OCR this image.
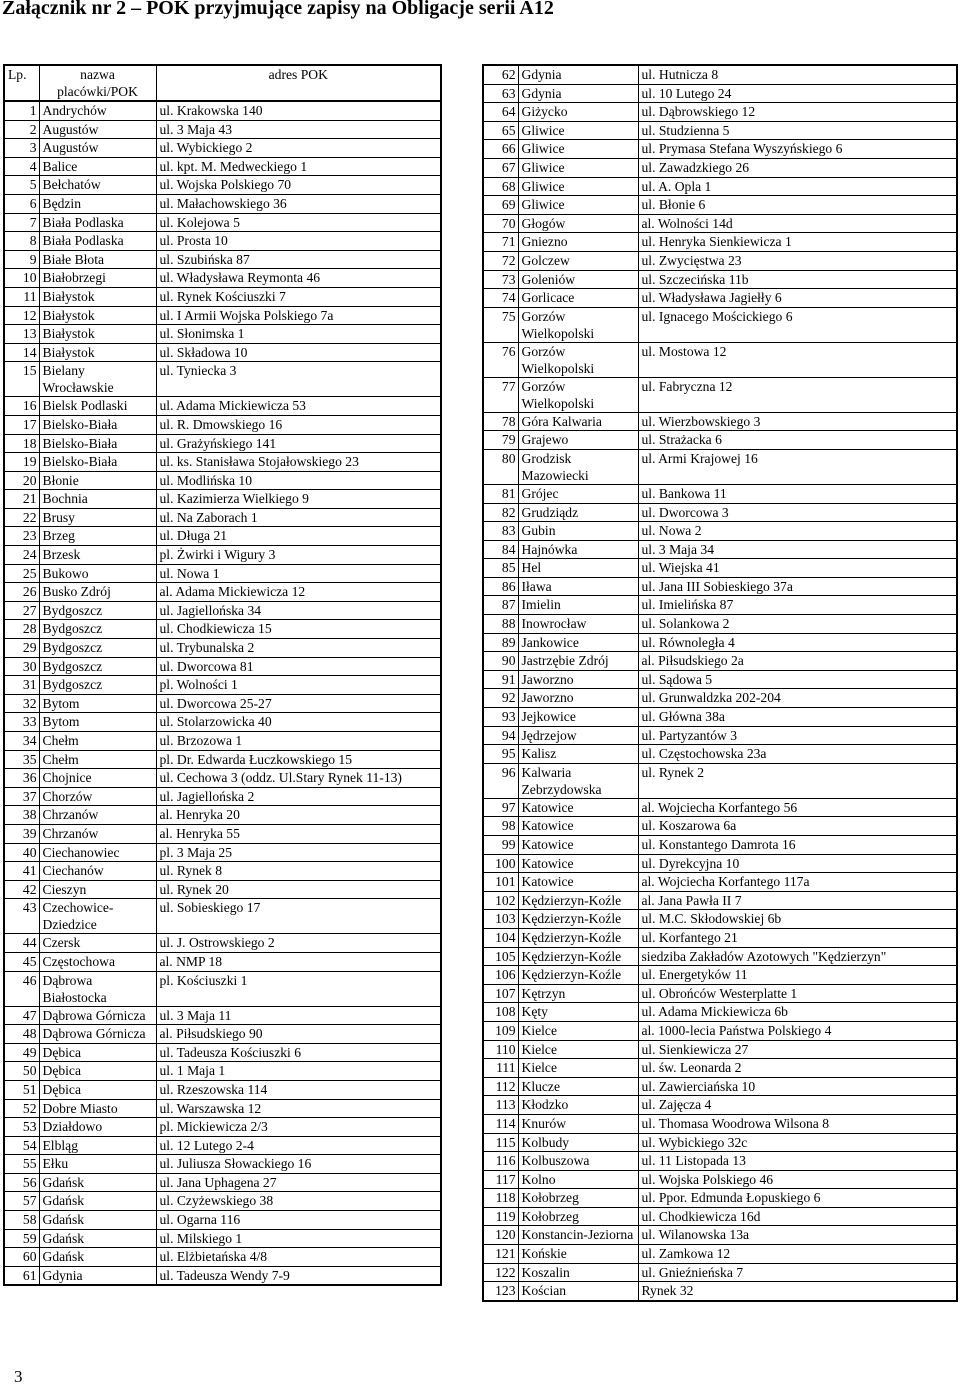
Załącznik nr 2 – POK przyjmujące zapisy na Obligacje serii A12
Lp.	nazwa placówki/POK	adres POK
1	Andrychów	ul. Krakowska 140
2	Augustów	ul. 3 Maja 43
3	Augustów	ul. Wybickiego 2
4	Balice	ul. kpt. M. Medweckiego 1
5	Bełchatów	ul. Wojska Polskiego 70
6	Będzin	ul. Małachowskiego 36
7	Biała Podlaska	ul. Kolejowa 5
8	Biała Podlaska	ul. Prosta 10
9	Białe Błota	ul. Szubińska 87
10	Białobrzegi	ul. Władysława Reymonta 46
11	Białystok	ul. Rynek Kościuszki 7
12	Białystok	ul. I Armii Wojska Polskiego 7a
13	Białystok	ul. Słonimska 1
14	Białystok	ul. Składowa 10
15	Bielany Wrocławskie	ul. Tyniecka 3
16	Bielsk Podlaski	ul. Adama Mickiewicza 53
17	Bielsko-Biała	ul. R. Dmowskiego 16
18	Bielsko-Biała	ul. Grażyńskiego 141
19	Bielsko-Biała	ul. ks. Stanisława Stojałowskiego 23
20	Błonie	ul. Modlińska 10
21	Bochnia	ul. Kazimierza Wielkiego 9
22	Brusy	ul. Na Zaborach 1
23	Brzeg	ul. Długa 21
24	Brzesk	pl. Żwirki i Wigury 3
25	Bukowo	ul. Nowa 1
26	Busko Zdrój	al. Adama Mickiewicza 12
27	Bydgoszcz	ul. Jagiellońska 34
28	Bydgoszcz	ul. Chodkiewicza 15
29	Bydgoszcz	ul. Trybunalska 2
30	Bydgoszcz	ul. Dworcowa 81
31	Bydgoszcz	pl. Wolności 1
32	Bytom	ul. Dworcowa 25-27
33	Bytom	ul. Stolarzowicka 40
34	Chełm	ul. Brzozowa 1
35	Chełm	pl. Dr. Edwarda Łuczkowskiego 15
36	Chojnice	ul. Cechowa 3 (oddz. Ul.Stary Rynek 11-13)
37	Chorzów	ul. Jagiellońska 2
38	Chrzanów	al. Henryka 20
39	Chrzanów	al. Henryka 55
40	Ciechanowiec	pl. 3 Maja 25
41	Ciechanów	ul. Rynek 8
42	Cieszyn	ul. Rynek 20
43	Czechowice-Dziedzice	ul. Sobieskiego 17
44	Czersk	ul. J. Ostrowskiego 2
45	Częstochowa	al. NMP 18
46	Dąbrowa Białostocka	pl. Kościuszki 1
47	Dąbrowa Górnicza	ul. 3 Maja 11
48	Dąbrowa Górnicza	al. Piłsudskiego 90
49	Dębica	ul. Tadeusza Kościuszki 6
50	Dębica	ul. 1 Maja 1
51	Dębica	ul. Rzeszowska 114
52	Dobre Miasto	ul. Warszawska 12
53	Działdowo	pl. Mickiewicza 2/3
54	Elbląg	ul. 12 Lutego 2-4
55	Ełku	ul. Juliusza Słowackiego 16
56	Gdańsk	ul. Jana Uphagena 27
57	Gdańsk	ul. Czyżewskiego 38
58	Gdańsk	ul. Ogarna 116
59	Gdańsk	ul. Milskiego 1
60	Gdańsk	ul. Elżbietańska 4/8
61	Gdynia	ul. Tadeusza Wendy 7-9
62	Gdynia	ul. Hutnicza 8
63	Gdynia	ul. 10 Lutego 24
64	Giżycko	ul. Dąbrowskiego 12
65	Gliwice	ul. Studzienna 5
66	Gliwice	ul. Prymasa Stefana Wyszyńskiego 6
67	Gliwice	ul. Zawadzkiego 26
68	Gliwice	ul. A. Opla 1
69	Gliwice	ul. Błonie 6
70	Głogów	al. Wolności 14d
71	Gniezno	ul. Henryka Sienkiewicza 1
72	Golczew	ul. Zwycięstwa 23
73	Goleniów	ul. Szczecińska 11b
74	Gorlicace	ul. Władysława Jagiełły 6
75	Gorzów Wielkopolski	ul. Ignacego Mościckiego 6
76	Gorzów Wielkopolski	ul. Mostowa 12
77	Gorzów Wielkopolski	ul. Fabryczna 12
78	Góra Kalwaria	ul. Wierzbowskiego 3
79	Grajewo	ul. Strażacka 6
80	Grodzisk Mazowiecki	ul. Armi Krajowej 16
81	Grójec	ul. Bankowa 11
82	Grudziądz	ul. Dworcowa 3
83	Gubin	ul. Nowa 2
84	Hajnówka	ul. 3 Maja 34
85	Hel	ul. Wiejska 41
86	Iława	ul. Jana III Sobieskiego 37a
87	Imielin	ul. Imielińska 87
88	Inowrocław	ul. Solankowa 2
89	Jankowice	ul. Równoległa 4
90	Jastrzębie Zdrój	al. Piłsudskiego 2a
91	Jaworzno	ul. Sądowa 5
92	Jaworzno	ul. Grunwaldzka 202-204
93	Jejkowice	ul. Główna 38a
94	Jędrzejow	ul. Partyzantów 3
95	Kalisz	ul. Częstochowska 23a
96	Kalwaria Zebrzydowska	ul. Rynek 2
97	Katowice	al. Wojciecha Korfantego 56
98	Katowice	ul. Koszarowa 6a
99	Katowice	ul. Konstantego Damrota 16
100	Katowice	ul. Dyrekcyjna 10
101	Katowice	al. Wojciecha Korfantego 117a
102	Kędzierzyn-Koźle	al. Jana Pawła II 7
103	Kędzierzyn-Koźle	ul. M.C. Skłodowskiej 6b
104	Kędzierzyn-Koźle	ul. Korfantego 21
105	Kędzierzyn-Koźle	siedziba Zakładów Azotowych "Kędzierzyn"
106	Kędzierzyn-Koźle	ul. Energetyków 11
107	Kętrzyn	ul. Obrońców Westerplatte 1
108	Kęty	ul. Adama Mickiewicza 6b
109	Kielce	al. 1000-lecia Państwa Polskiego 4
110	Kielce	ul. Sienkiewicza 27
111	Kielce	ul. św. Leonarda 2
112	Klucze	ul. Zawierciańska 10
113	Kłodzko	ul. Zajęcza 4
114	Knurów	ul. Thomasa Woodrowa Wilsona 8
115	Kolbudy	ul. Wybickiego 32c
116	Kolbuszowa	ul. 11 Listopada 13
117	Kolno	ul. Wojska Polskiego 46
118	Kołobrzeg	ul. Ppor. Edmunda Łopuskiego 6
119	Kołobrzeg	ul. Chodkiewicza 16d
120	Konstancin-Jeziorna	ul. Wilanowska 13a
121	Końskie	ul. Zamkowa 12
122	Koszalin	ul. Gnieźnieńska 7
123	Kościan	Rynek 32
3
